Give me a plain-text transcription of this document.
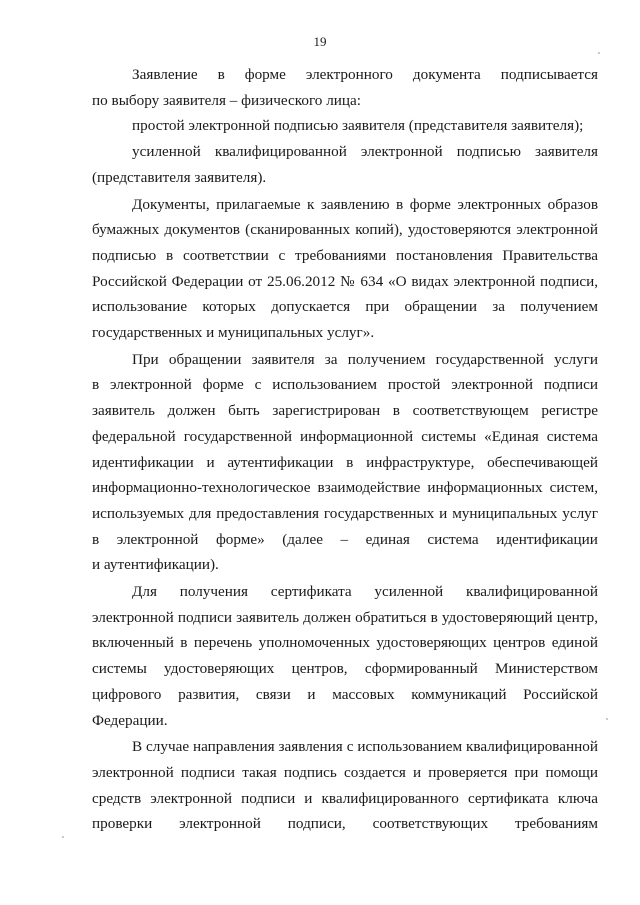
19

Заявление в форме электронного документа подписывается
по выбору заявителя – физического лица:

простой электронной подписью заявителя (представителя заявителя);

усиленной квалифицированной электронной подписью заявителя
(представителя заявителя).

Документы, прилагаемые к заявлению в форме электронных образов
бумажных документов (сканированных копий), удостоверяются электронной
подписью в соответствии с требованиями постановления Правительства
Российской Федерации от 25.06.2012 № 634 «О видах электронной подписи,
использование которых допускается при обращении за получением
государственных и муниципальных услуг».

При обращении заявителя за получением государственной услуги
в электронной форме с использованием простой электронной подписи
заявитель должен быть зарегистрирован в соответствующем регистре
федеральной государственной информационной системы «Единая система
идентификации и аутентификации в инфраструктуре, обеспечивающей
информационно-технологическое взаимодействие информационных систем,
используемых для предоставления государственных и муниципальных услуг
в электронной форме» (далее – единая система идентификации
и аутентификации).

Для получения сертификата усиленной квалифицированной
электронной подписи заявитель должен обратиться в удостоверяющий центр,
включенный в перечень уполномоченных удостоверяющих центров единой
системы удостоверяющих центров, сформированный Министерством
цифрового развития, связи и массовых коммуникаций Российской
Федерации.

В случае направления заявления с использованием квалифицированной
электронной подписи такая подпись создается и проверяется при помощи
средств электронной подписи и квалифицированного сертификата ключа
проверки электронной подписи, соответствующих требованиям
